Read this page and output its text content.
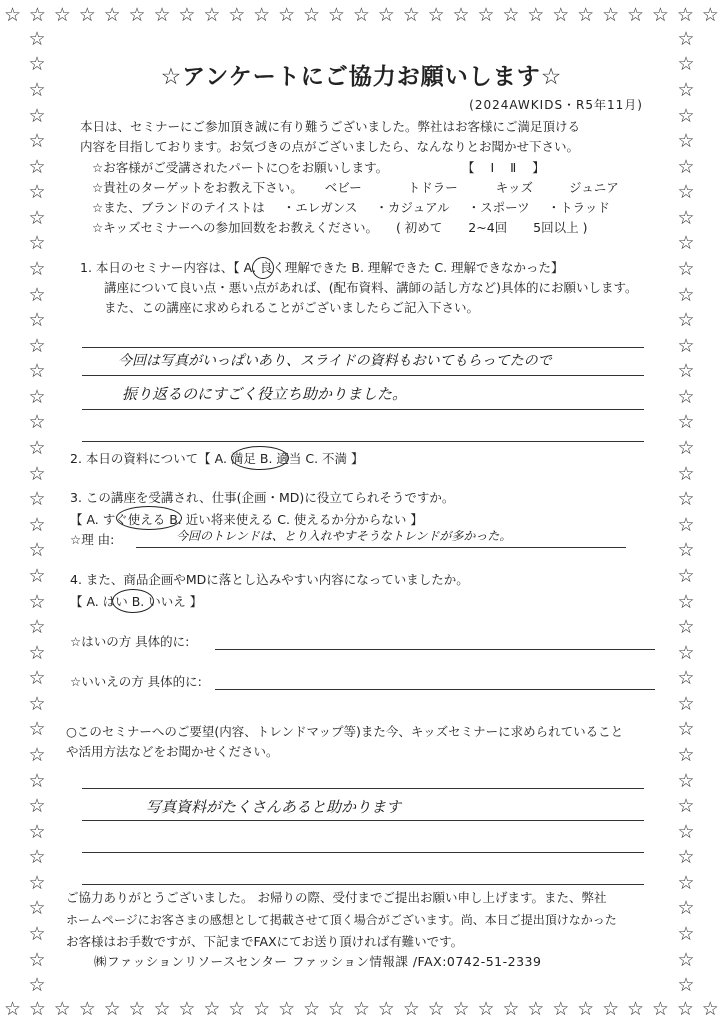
☆ ☆ ☆ ☆ ☆ ☆ ☆ ☆ ☆ ☆ ☆ ☆ ☆ ☆ ☆ ☆ ☆ ☆ ☆ ☆ ☆ ☆ ☆ ☆ ☆ ☆ ☆ ☆ ☆
☆ ☆ ☆ ☆ ☆ ☆ ☆ ☆ ☆ ☆ ☆ ☆ ☆ ☆ ☆ ☆ ☆ ☆ ☆ ☆ ☆ ☆ ☆ ☆ ☆ ☆ ☆ ☆ ☆
☆
☆
☆
☆
☆
☆
☆
☆
☆
☆
☆
☆
☆
☆
☆
☆
☆
☆
☆
☆
☆
☆
☆
☆
☆
☆
☆
☆
☆
☆
☆
☆
☆
☆
☆
☆
☆
☆
☆
☆
☆
☆
☆
☆
☆
☆
☆
☆
☆
☆
☆
☆
☆
☆
☆
☆
☆
☆
☆
☆
☆
☆
☆
☆
☆
☆
☆
☆
☆
☆
☆
☆
☆
☆
☆
☆
☆アンケートにご協力お願いします☆
(2024AWKIDS・R5年11月)
本日は、セミナーにご参加頂き誠に有り難うございました。弊社はお客様にご満足頂ける
内容を目指しております。お気づきの点がございましたら、なんなりとお聞かせ下さい。
☆お客様がご受講されたパートに○をお願いします。	【 Ⅰ Ⅱ 】
☆貴社のターゲットをお教え下さい。 ベビー	トドラー	キッズ	ジュニア
☆また、ブランドのテイストは ・エレガンス ・カジュアル ・スポーツ ・トラッド
☆キッズセミナーへの参加回数をお教えください。 ( 初めて 2~4回 5回以上 )
1. 本日のセミナー内容は、【 A. 良く理解できた B. 理解できた C. 理解できなかった】
講座について良い点・悪い点があれば、(配布資料、講師の話し方など)具体的にお願いします。
また、この講座に求められることがございましたらご記入下さい。
今回は写真がいっぱいあり、スライドの資料もおいてもらってたので
振り返るのにすごく役立ち助かりました。
2. 本日の資料について【 A. 満足 B. 適当 C. 不満 】
3. この講座を受講され、仕事(企画・MD)に役立てられそうですか。
【 A. すぐ使える B. 近い将来使える C. 使えるか分からない 】
☆理 由:	今回のトレンドは、とり入れやすそうなトレンドが多かった。
4. また、商品企画やMDに落とし込みやすい内容になっていましたか。
【 A. はい B. いいえ 】
☆はいの方 具体的に:
☆いいえの方 具体的に:
○このセミナーへのご要望(内容、トレンドマップ等)また今、キッズセミナーに求められていること
や活用方法などをお聞かせください。
写真資料がたくさんあると助かります
ご協力ありがとうございました。 お帰りの際、受付までご提出お願い申し上げます。また、弊社
ホームページにお客さまの感想として掲載させて頂く場合がございます。尚、本日ご提出頂けなかった
お客様はお手数ですが、下記までFAXにてお送り頂ければ有難いです。
㈱ファッションリソースセンター ファッション情報課 /FAX:0742-51-2339
